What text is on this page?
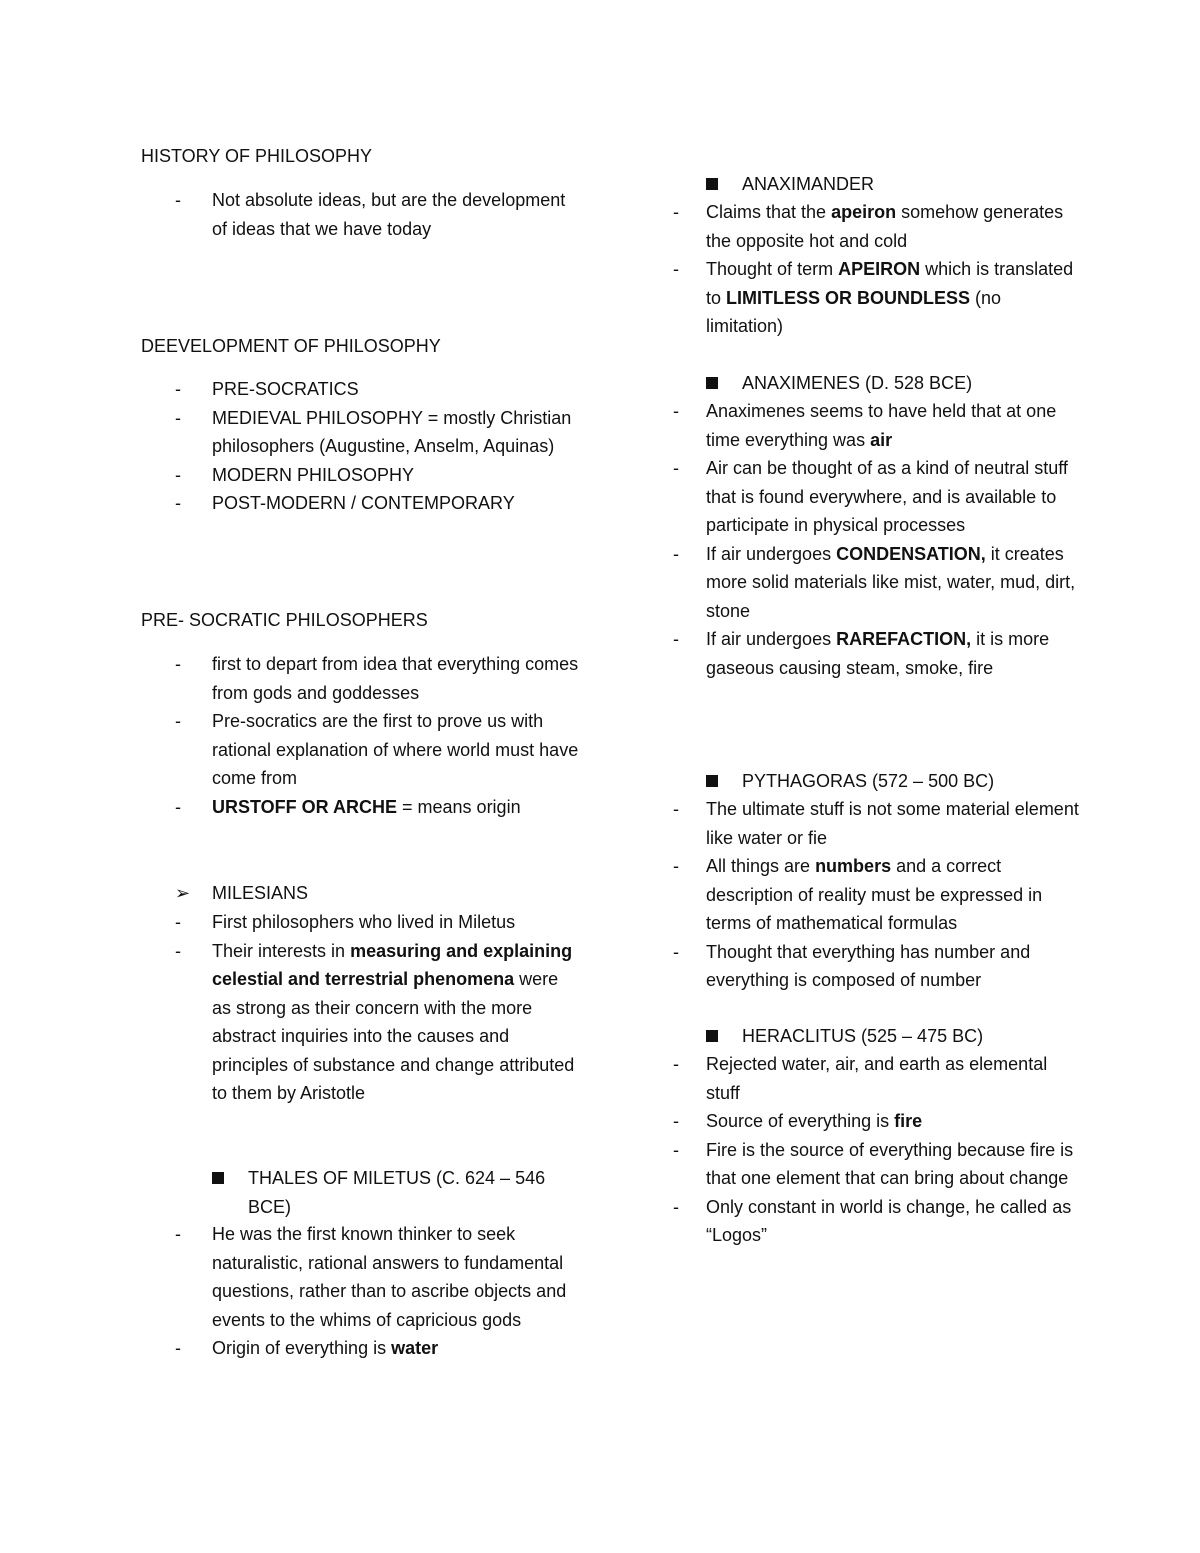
HISTORY OF PHILOSOPHY
- Not absolute ideas, but are the development of ideas that we have today
DEEVELOPMENT OF PHILOSOPHY
- PRE-SOCRATICS
- MEDIEVAL PHILOSOPHY = mostly Christian philosophers (Augustine, Anselm, Aquinas)
- MODERN PHILOSOPHY
- POST-MODERN / CONTEMPORARY
PRE- SOCRATIC PHILOSOPHERS
- first to depart from idea that everything comes from gods and goddesses
- Pre-socratics are the first to prove us with rational explanation of where world must have come from
- URSTOFF OR ARCHE = means origin
➢ MILESIANS
- First philosophers who lived in Miletus
- Their interests in measuring and explaining celestial and terrestrial phenomena were as strong as their concern with the more abstract inquiries into the causes and principles of substance and change attributed to them by Aristotle
THALES OF MILETUS (C. 624 – 546 BCE)
- He was the first known thinker to seek naturalistic, rational answers to fundamental questions, rather than to ascribe objects and events to the whims of capricious gods
- Origin of everything is water
ANAXIMANDER
- Claims that the apeiron somehow generates the opposite hot and cold
- Thought of term APEIRON which is translated to LIMITLESS OR BOUNDLESS (no limitation)
ANAXIMENES (D. 528 BCE)
- Anaximenes seems to have held that at one time everything was air
- Air can be thought of as a kind of neutral stuff that is found everywhere, and is available to participate in physical processes
- If air undergoes CONDENSATION, it creates more solid materials like mist, water, mud, dirt, stone
- If air undergoes RAREFACTION, it is more gaseous causing steam, smoke, fire
PYTHAGORAS (572 – 500 BC)
- The ultimate stuff is not some material element like water or fie
- All things are numbers and a correct description of reality must be expressed in terms of mathematical formulas
- Thought that everything has number and everything is composed of number
HERACLITUS (525 – 475 BC)
- Rejected water, air, and earth as elemental stuff
- Source of everything is fire
- Fire is the source of everything because fire is that one element that can bring about change
- Only constant in world is change, he called as “Logos”
